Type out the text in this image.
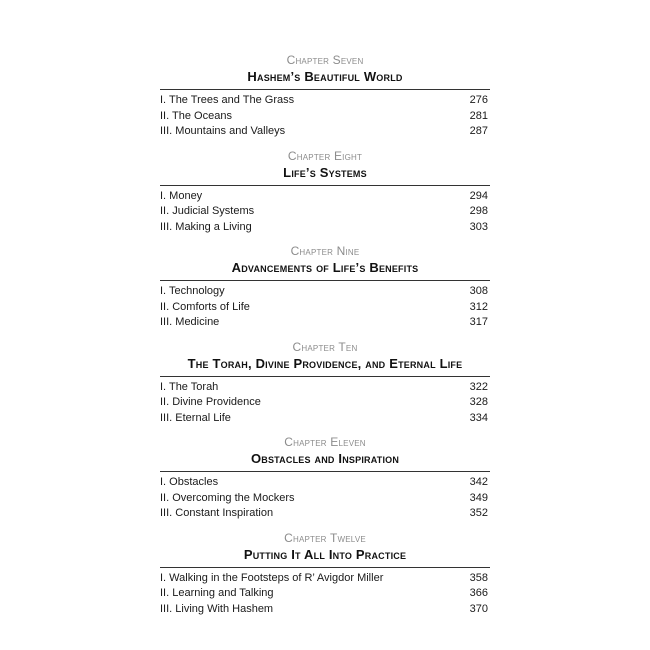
Chapter Seven
Hashem’s Beautiful World
I. The Trees and The Grass	276
II. The Oceans	281
III. Mountains and Valleys	287
Chapter Eight
Life’s Systems
I. Money	294
II. Judicial Systems	298
III. Making a Living	303
Chapter Nine
Advancements of Life’s Benefits
I. Technology	308
II. Comforts of Life	312
III. Medicine	317
Chapter Ten
The Torah, Divine Providence, and Eternal Life
I. The Torah	322
II. Divine Providence	328
III. Eternal Life	334
Chapter Eleven
Obstacles and Inspiration
I. Obstacles	342
II. Overcoming the Mockers	349
III. Constant Inspiration	352
Chapter Twelve
Putting It All Into Practice
I. Walking in the Footsteps of R’ Avigdor Miller	358
II. Learning and Talking	366
III. Living With Hashem	370
